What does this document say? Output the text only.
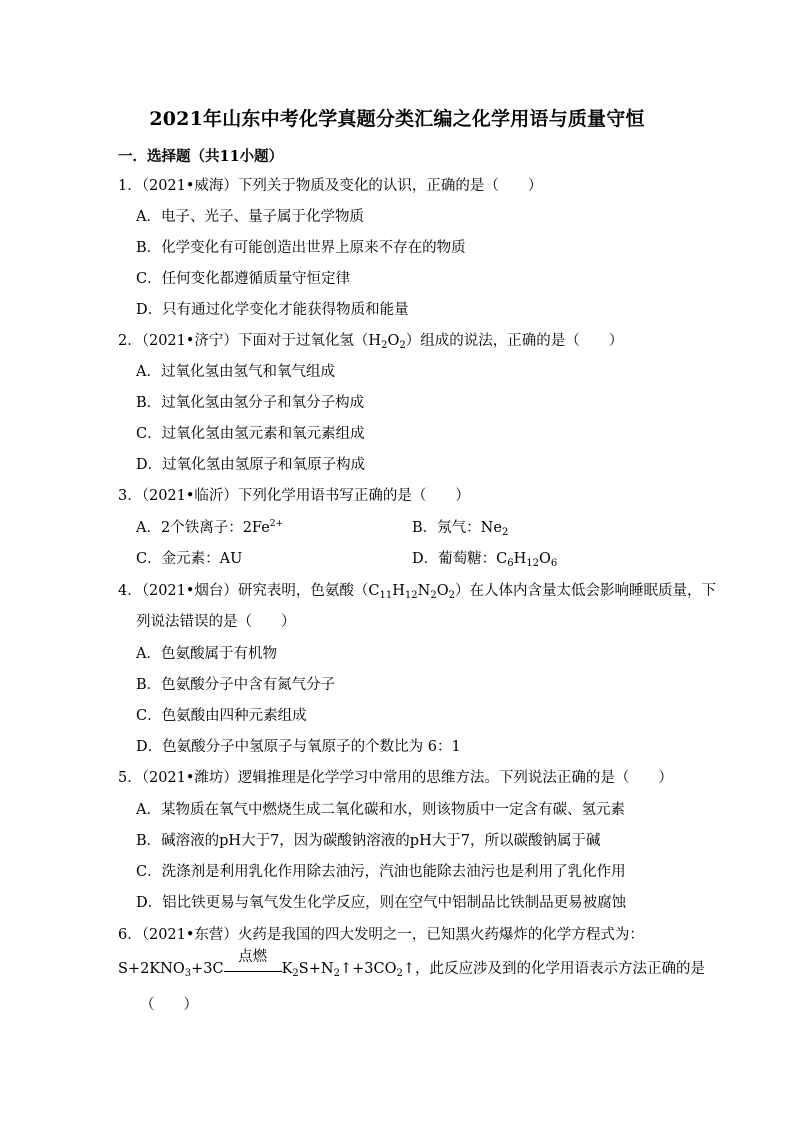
2021年山东中考化学真题分类汇编之化学用语与质量守恒
一．选择题（共11小题）
1．（2021•威海）下列关于物质及变化的认识，正确的是（　　）
A．电子、光子、量子属于化学物质
B．化学变化有可能创造出世界上原来不存在的物质
C．任何变化都遵循质量守恒定律
D．只有通过化学变化才能获得物质和能量
2．（2021•济宁）下面对于过氧化氢$(H_2O_2)$组成的说法，正确的是（　　）
A．过氧化氢由氢气和氧气组成
B．过氧化氢由氢分子和氧分子构成
C．过氧化氢由氢元素和氧元素组成
D．过氧化氢由氢原子和氧原子构成
3．（2021•临沂）下列化学用语书写正确的是（　　）
A．2个铁离子：$2Fe^{2+}$	B．氖气：$Ne_2$
C．金元素：AU	D．葡萄糖：$C_6H_{12}O_6$
4．（2021•烟台）研究表明，色氨酸$(C_{11}H_{12}N_2O_2)$在人体内含量太低会影响睡眠质量，下
列说法错误的是（　　）
A．色氨酸属于有机物
B．色氨酸分子中含有氮气分子
C．色氨酸由四种元素组成
D．色氨酸分子中氢原子与氧原子的个数比为 6：1
5．（2021•潍坊）逻辑推理是化学学习中常用的思维方法。下列说法正确的是（　　）
A．某物质在氧气中燃烧生成二氧化碳和水，则该物质中一定含有碳、氢元素
B．碱溶液的pH大于7，因为碳酸钠溶液的pH大于7，所以碳酸钠属于碱
C．洗涤剂是利用乳化作用除去油污，汽油也能除去油污也是利用了乳化作用
D．铝比铁更易与氧气发生化学反应，则在空气中铝制品比铁制品更易被腐蚀
6．（2021•东营）火药是我国的四大发明之一，已知黑火药爆炸的化学方程式为：
$S+2KNO_3+3C$
点燃
$K_2S+N_2↑+3CO_2↑$，此反应涉及到的化学用语表示方法正确的是
（　　）
